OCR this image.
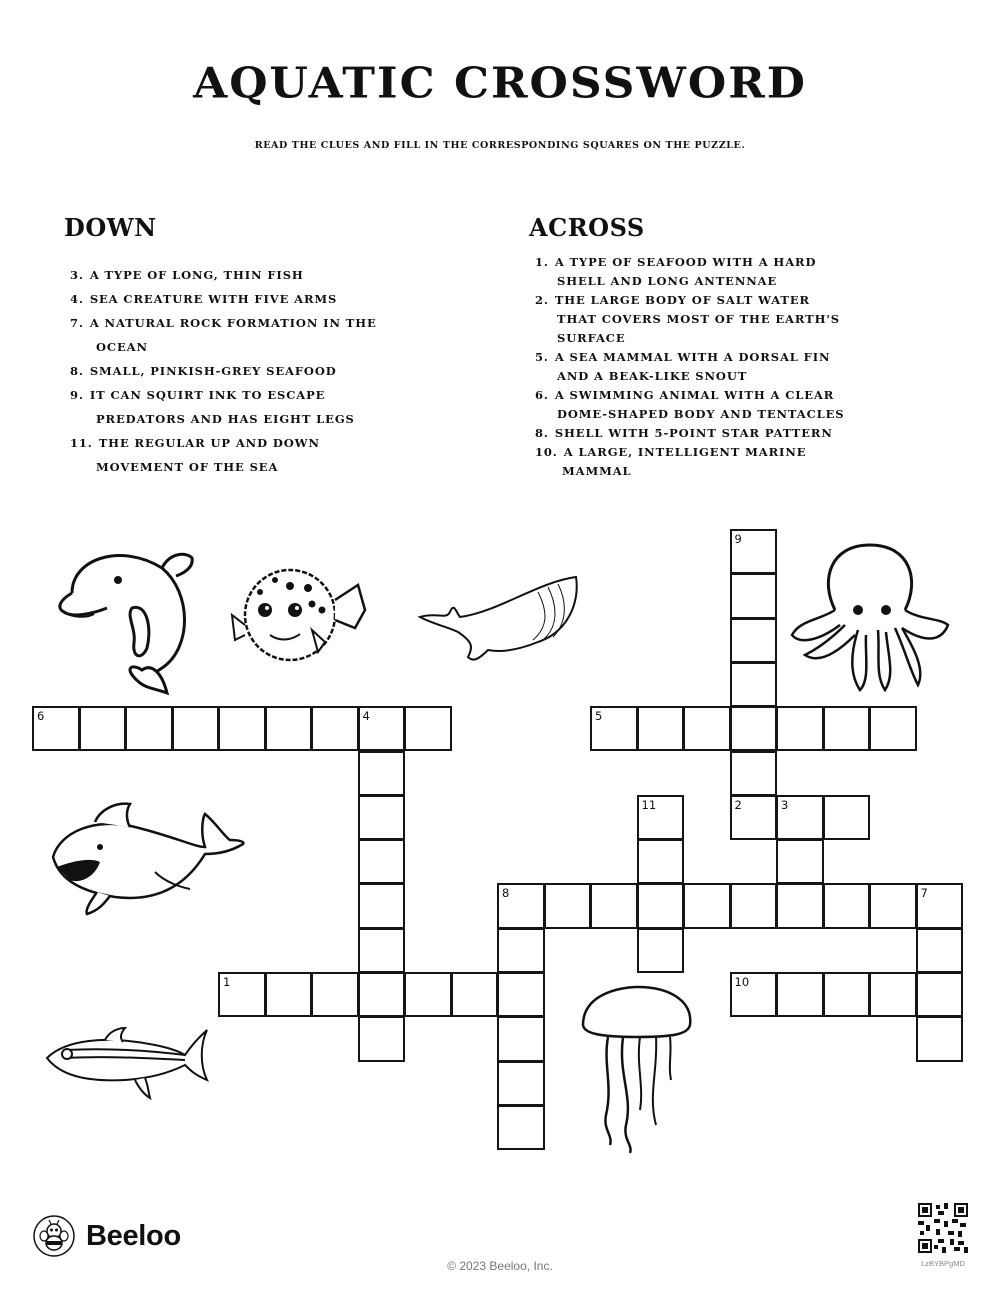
AQUATIC CROSSWORD
READ THE CLUES AND FILL IN THE CORRESPONDING SQUARES ON THE PUZZLE.
DOWN
3. A TYPE OF LONG, THIN FISH
4. SEA CREATURE WITH FIVE ARMS
7. A NATURAL ROCK FORMATION IN THE
OCEAN
8. SMALL, PINKISH-GREY SEAFOOD
9. IT CAN SQUIRT INK TO ESCAPE
PREDATORS AND HAS EIGHT LEGS
11. THE REGULAR UP AND DOWN
MOVEMENT OF THE SEA
ACROSS
1. A TYPE OF SEAFOOD WITH A HARD
SHELL AND LONG ANTENNAE
2. THE LARGE BODY OF SALT WATER
THAT COVERS MOST OF THE EARTH'S
SURFACE
5. A SEA MAMMAL WITH A DORSAL FIN
AND A BEAK-LIKE SNOUT
6. A SWIMMING ANIMAL WITH A CLEAR
DOME-SHAPED BODY AND TENTACLES
8. SHELL WITH 5-POINT STAR PATTERN
10. A LARGE, INTELLIGENT MARINE
MAMMAL
1
2	3
4	5
6
7
8
9
10
11
Beeloo
© 2023 Beeloo, Inc.	LzBYBPgMD
